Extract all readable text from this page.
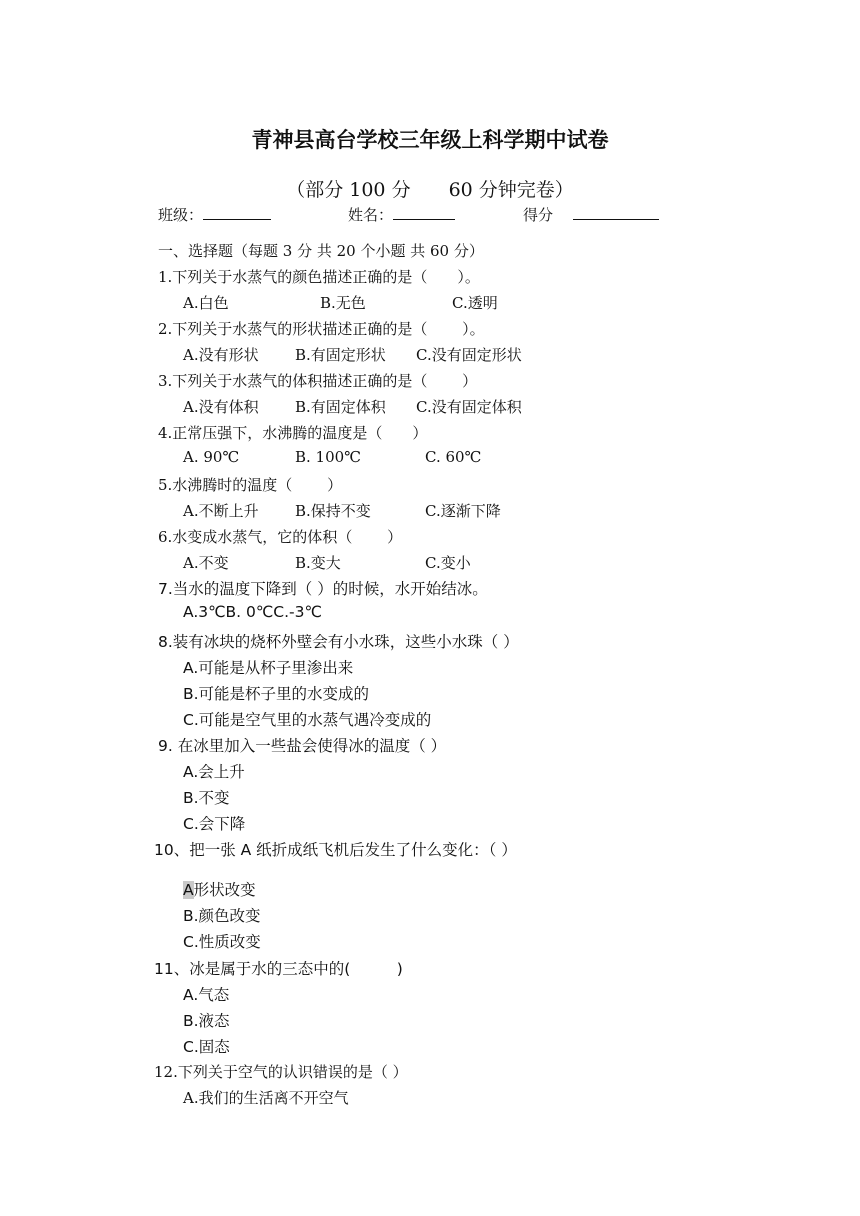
青神县高台学校三年级上科学期中试卷
（部分 100 分　　60 分钟完卷）
班级：	姓名：	得分
一、选择题（每题 3 分 共 20 个小题 共 60 分）
1.下列关于水蒸气的颜色描述正确的是（　　）。
A.白色	B.无色	C.透明
2.下列关于水蒸气的形状描述正确的是（　　 ）。
A.没有形状 B.有固定形状 C.没有固定形状
3.下列关于水蒸气的体积描述正确的是（　　 ）
A.没有体积 B.有固定体积 C.没有固定体积
4.正常压强下，水沸腾的温度是（　　）
A. 90℃	B. 100℃	C. 60℃
5.水沸腾时的温度（　　 ）
A.不断上升 B.保持不变	C.逐渐下降
6.水变成水蒸气，它的体积（　　 ）
A.不变	B.变大	C.变小
7.当水的温度下降到（ ）的时候，水开始结冰。
A.3℃B. 0℃C.-3℃
8.装有冰块的烧杯外壁会有小水珠，这些小水珠（ ）
A.可能是从杯子里渗出来
B.可能是杯子里的水变成的
C.可能是空气里的水蒸气遇冷变成的
9. 在冰里加入一些盐会使得冰的温度（ ）
A.会上升
B.不变
C.会下降
10、把一张 A 纸折成纸飞机后发生了什么变化：（ ）
A形状改变
B.颜色改变
C.性质改变
11、冰是属于水的三态中的(　　　)
A.气态
B.液态
C.固态
12.下列关于空气的认识错误的是（ ）
A.我们的生活离不开空气
